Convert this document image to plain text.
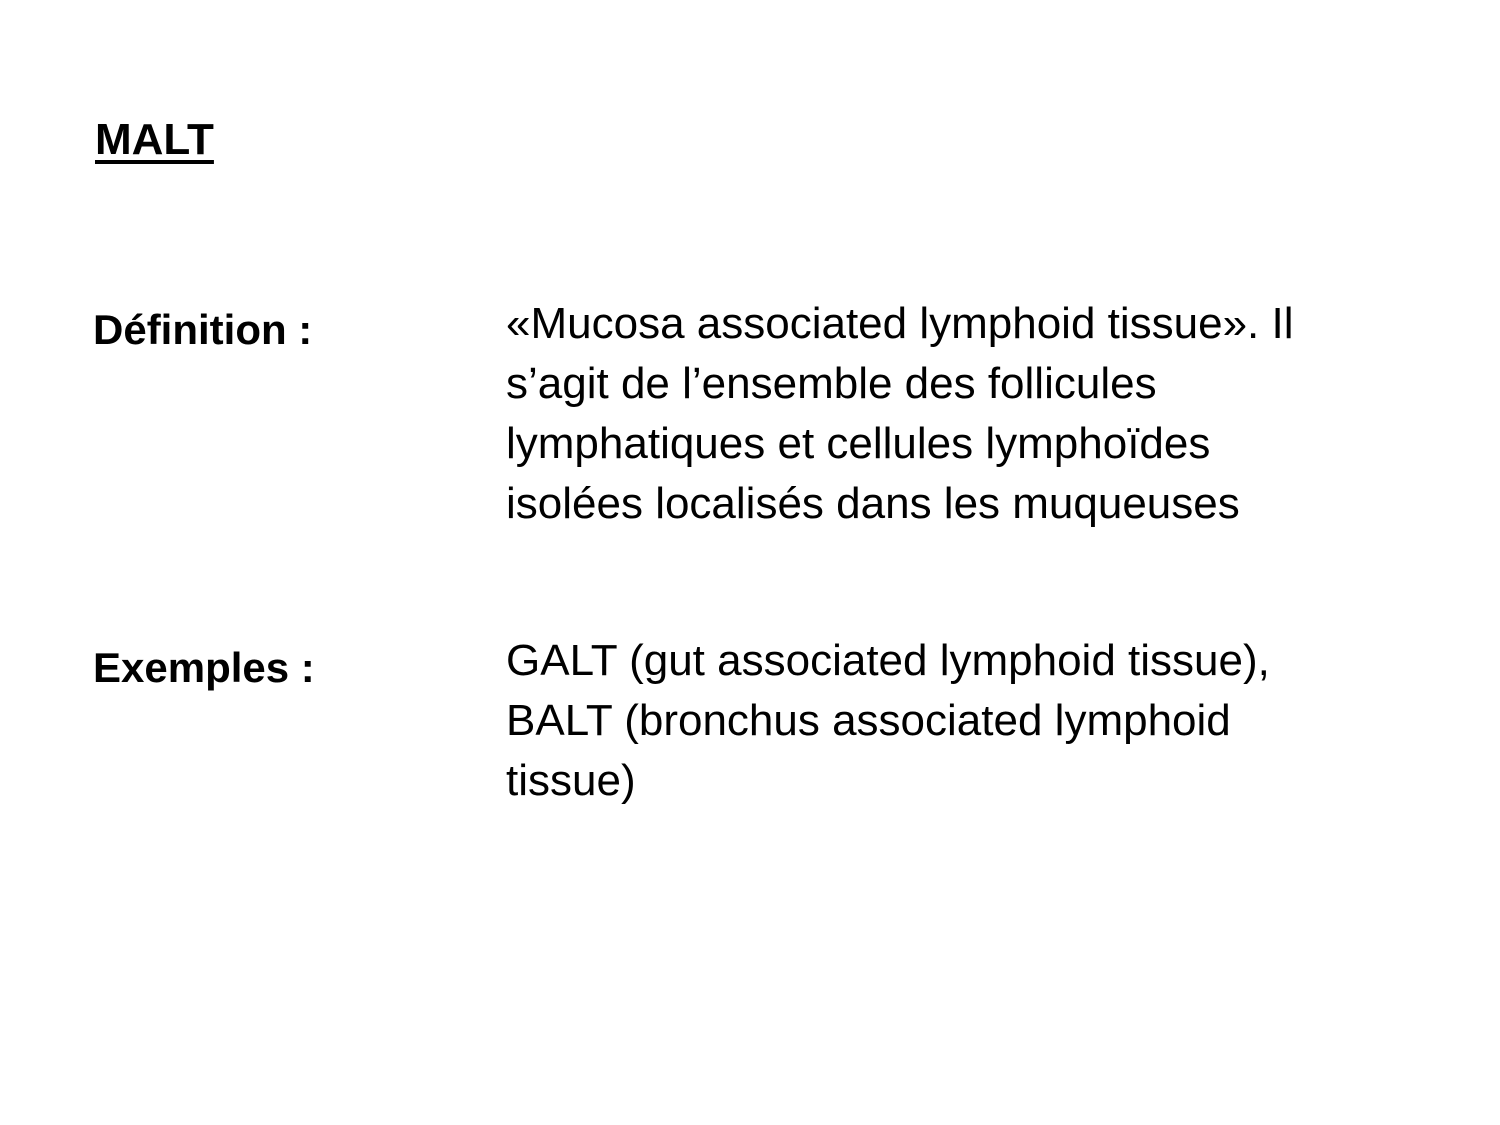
MALT
Définition :	«Mucosa associated lymphoid tissue». Il
s’agit de l’ensemble des follicules
lymphatiques et cellules lymphoïdes
isolées localisés dans les muqueuses
Exemples :	GALT (gut associated lymphoid tissue),
BALT (bronchus associated lymphoid
tissue)
